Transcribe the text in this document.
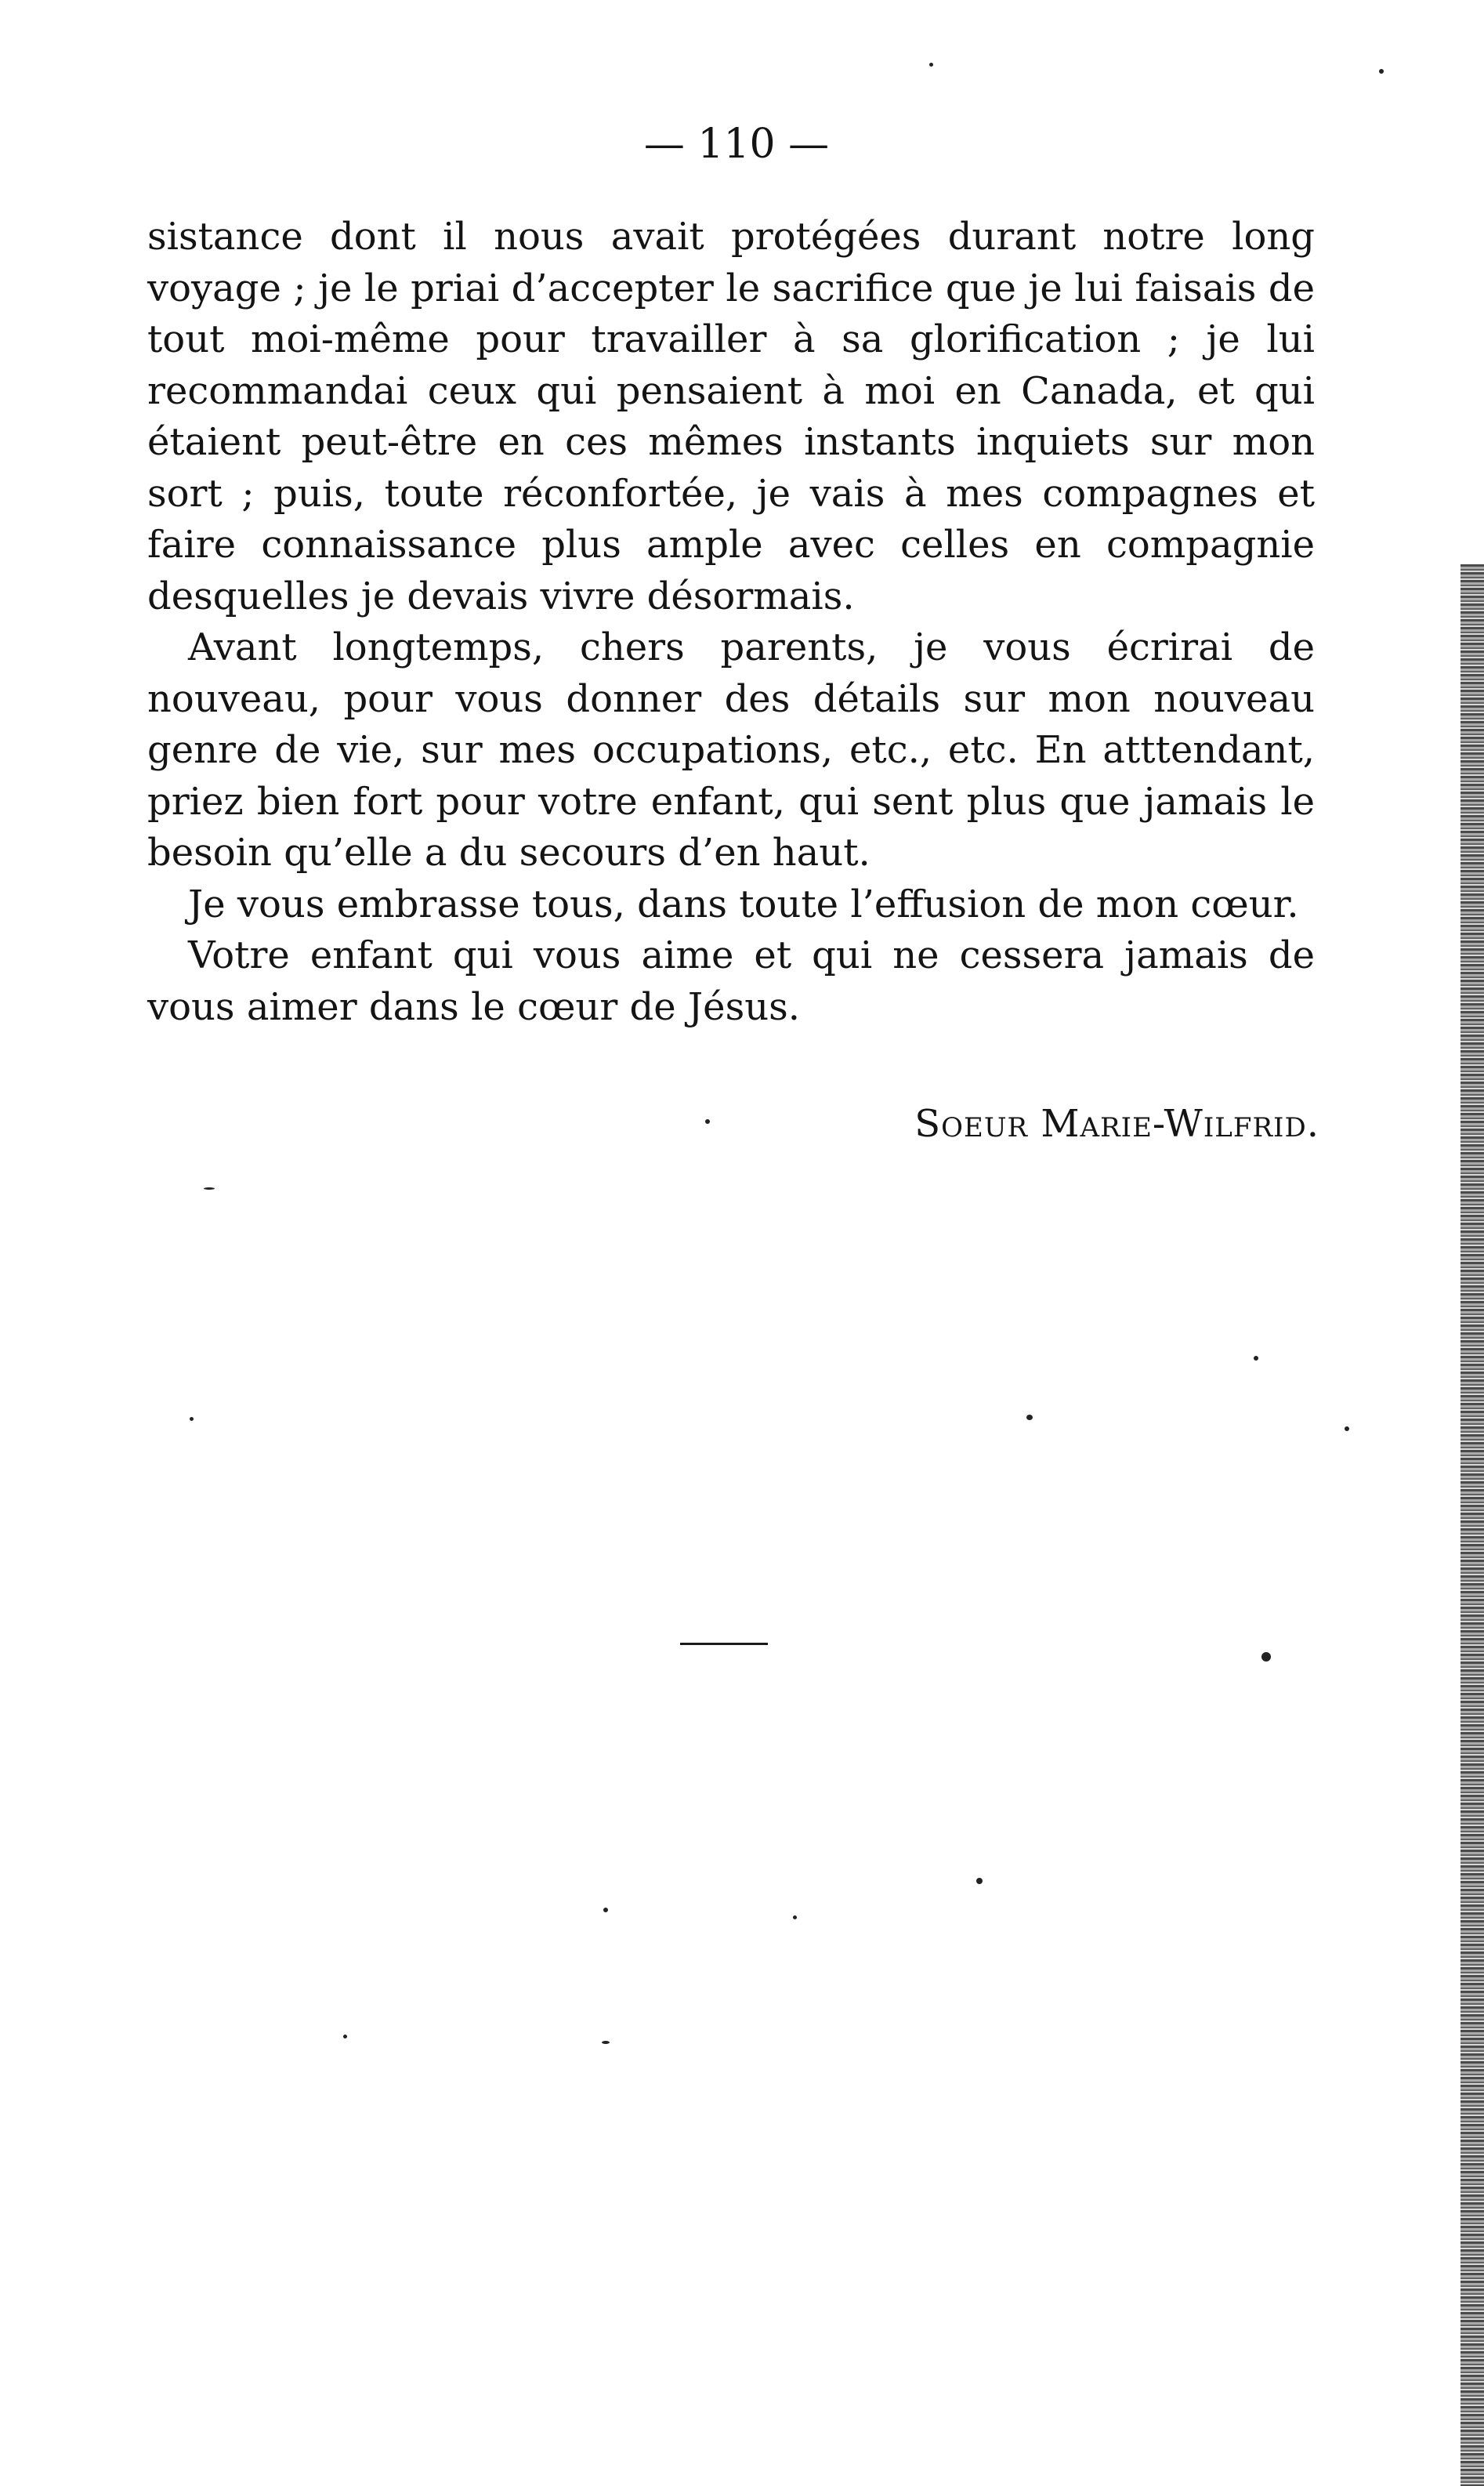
— 110 —

sistance dont il nous avait protégées durant notre long voyage ; je le priai d’accepter le sacrifice que je lui faisais de tout moi-même pour travailler à sa glorification ; je lui recommandai ceux qui pensaient à moi en Canada, et qui étaient peut-être en ces mêmes instants inquiets sur mon sort ; puis, toute réconfortée, je vais à mes compagnes et faire connaissance plus ample avec celles en compagnie desquelles je devais vivre désormais.

Avant longtemps, chers parents, je vous écrirai de nouveau, pour vous donner des détails sur mon nouveau genre de vie, sur mes occupations, etc., etc. En atttendant, priez bien fort pour votre enfant, qui sent plus que jamais le besoin qu’elle a du secours d’en haut.

Je vous embrasse tous, dans toute l’effusion de mon cœur.

Votre enfant qui vous aime et qui ne cessera jamais de vous aimer dans le cœur de Jésus.

Soeur Marie-Wilfrid.
